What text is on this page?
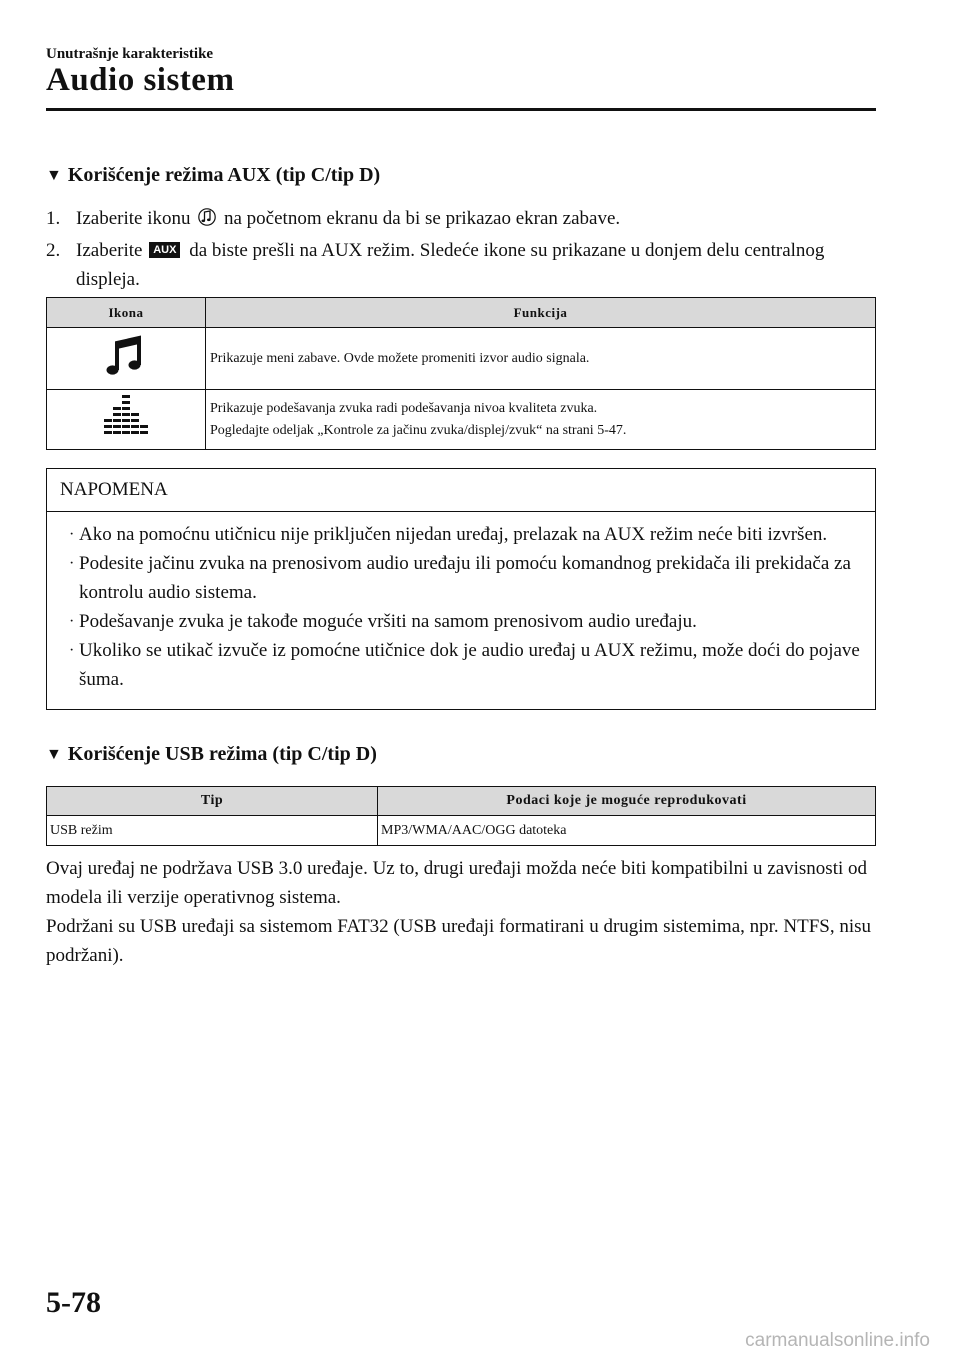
Unutrašnje karakteristike
Audio sistem
▼ Korišćenje režima AUX (tip C/tip D)
1. Izaberite ikonu na početnom ekranu da bi se prikazao ekran zabave.
2. Izaberite AUX da biste prešli na AUX režim. Sledeće ikone su prikazane u donjem delu centralnog displeja.
Ikona	Funkcija

Prikazuje meni zabave. Ovde možete promeniti izvor audio signala.

Prikazuje podešavanja zvuka radi podešavanja nivoa kvaliteta zvuka.
Pogledajte odeljak „Kontrole za jačinu zvuka/displej/zvuk“ na strani 5-47.
NAPOMENA
· Ako na pomoćnu utičnicu nije priključen nijedan uređaj, prelazak na AUX režim neće biti izvršen.
· Podesite jačinu zvuka na prenosivom audio uređaju ili pomoću komandnog prekidača ili prekidača za kontrolu audio sistema.
· Podešavanje zvuka je takođe moguće vršiti na samom prenosivom audio uređaju.
· Ukoliko se utikač izvuče iz pomoćne utičnice dok je audio uređaj u AUX režimu, može doći do pojave šuma.
▼ Korišćenje USB režima (tip C/tip D)
Tip	Podaci koje je moguće reprodukovati
USB režim	MP3/WMA/AAC/OGG datoteka
Ovaj uređaj ne podržava USB 3.0 uređaje. Uz to, drugi uređaji možda neće biti kompatibilni u zavisnosti od modela ili verzije operativnog sistema.
Podržani su USB uređaji sa sistemom FAT32 (USB uređaji formatirani u drugim sistemima, npr. NTFS, nisu podržani).
5-78
carmanualsonline.info
